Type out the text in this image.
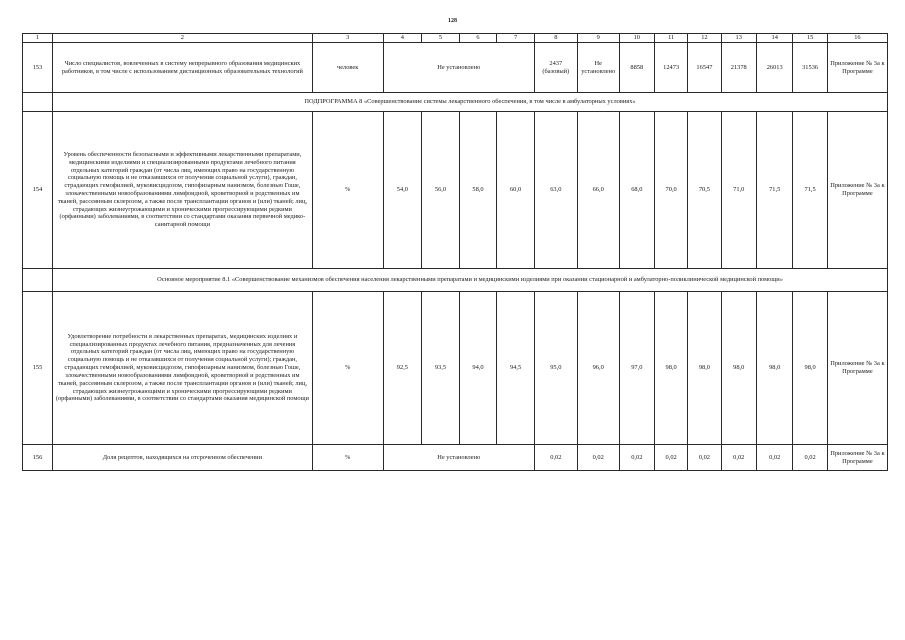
128
1	2	3	4	5	6	7	8	9	10	11	12	13	14	15	16
153	Число специалистов, вовлеченных в систему непрерывного образования медицинских работников, в том числе с использованием дистанционных образовательных технологий	человек	Не установлено				2437 (базовый)	Не установлено	8858	12473	16547	21378	26013	31536	Приложение № 3а к Программе
	ПОДПРОГРАММА 8 «Совершенствование системы лекарственного обеспечения, в том числе в амбулаторных условиях»														
154	Уровень обеспеченности безопасными и эффективными лекарственными препаратами, медицинскими изделиями и специализированными продуктами лечебного питания отдельных категорий граждан (от числа лиц, имеющих право на государственную социальную помощь и не отказавшихся от получения социальной услуги), граждан, страдающих гемофилией, муковисцидозом, гипофизарным нанизмом, болезнью Гоше, злокачественными новообразованиями лимфоидной, кроветворной и родственных им тканей, рассеянным склерозом, а также после трансплантации органов и (или) тканей; лиц, страдающих жизнеугрожающими и хроническими прогрессирующими редкими (орфанными) заболеваниями, в соответствии со стандартами оказания первичной медико-санитарной помощи	%	54,0	56,0	58,0	60,0	63,0	66,0	68,0	70,0	70,5	71,0	71,5	71,5	Приложение № 3а к Программе
	Основное мероприятие 8.1 «Совершенствование механизмов обеспечения населения лекарственными препаратами и медицинскими изделиями при оказании стационарной и амбулаторно-поликлинической медицинской помощи»														
155	Удовлетворение потребности в лекарственных препаратах, медицинских изделиях и специализированных продуктах лечебного питания, предназначенных для лечения отдельных категорий граждан (от числа лиц, имеющих право на государственную социальную помощь и не отказавшихся от получения социальной услуги); граждан, страдающих гемофилией, муковисцидозом, гипофизарным нанизмом, болезнью Гоше, злокачественными новообразованиями лимфоидной, кроветворной и родственных им тканей, рассеянным склерозом, а также после трансплантации органов и (или) тканей; лиц, страдающих жизнеугрожающими и хроническими прогрессирующими редкими (орфанными) заболеваниями, в соответствии со стандартами оказания медицинской помощи	%	92,5	93,5	94,0	94,5	95,0	96,0	97,0	98,0	98,0	98,0	98,0	98,0	Приложение № 3а к Программе
156	Доля рецептов, находящихся на отсроченном обеспечении	%	Не установлено				0,02	0,02	0,02	0,02	0,02	0,02	0,02	0,02	Приложение № 3а к Программе
